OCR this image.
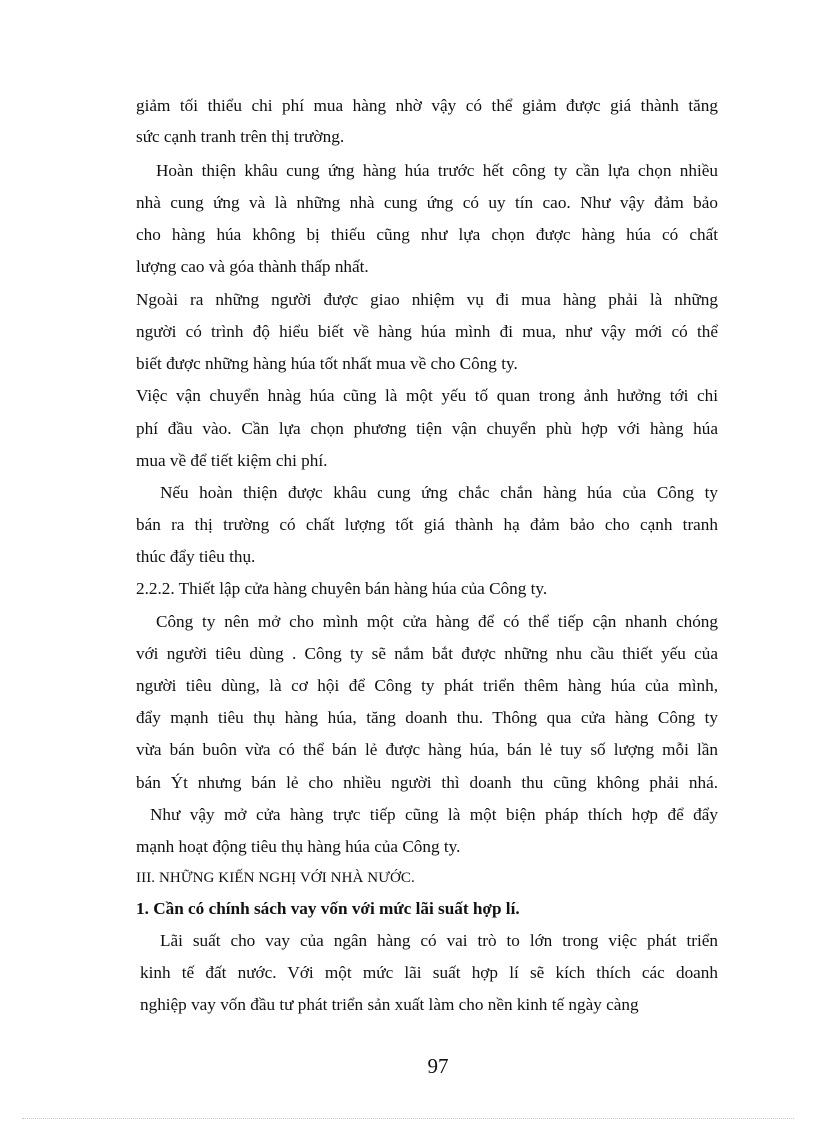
giảm tối thiểu chi phí mua hàng nhờ vậy có thể giảm được giá thành tăng
sức cạnh tranh trên thị trường.
Hoàn thiện khâu cung ứng hàng húa trước hết công ty cần lựa chọn nhiều
nhà cung ứng và là những nhà cung ứng có uy tín cao. Như vậy đảm bảo
cho hàng húa không bị thiếu cũng như lựa chọn được hàng húa có chất
lượng cao và góa thành thấp nhất.
Ngoài ra những người được giao nhiệm vụ đi mua hàng phải là những
người có trình độ hiểu biết về hàng húa mình đi mua, như vậy mới có thể
biết được những hàng húa tốt nhất mua về cho Công ty.
Việc vận chuyển hnàg húa cũng là một yếu tố quan trong ảnh hưởng tới chi
phí đầu vào. Cần lựa chọn phương tiện vận chuyển phù hợp với hàng húa
mua về để tiết kiệm chi phí.
Nếu hoàn thiện được khâu cung ứng chắc chắn hàng húa của Công ty
bán ra thị trường có chất lượng tốt giá thành hạ đảm bảo cho cạnh tranh
thúc đẩy tiêu thụ.
2.2.2. Thiết lập cửa hàng chuyên bán hàng húa của Công ty.
Công ty nên mở cho mình một cửa hàng để có thể tiếp cận nhanh chóng
với người tiêu dùng . Công ty sẽ nắm bắt được những nhu cầu thiết yếu của
người tiêu dùng, là cơ hội để Công ty phát triển thêm hàng húa của mình,
đẩy mạnh tiêu thụ hàng húa, tăng doanh thu. Thông qua cửa hàng Công ty
vừa bán buôn vừa có thể bán lẻ được hàng húa, bán lẻ tuy số lượng mỗi lần
bán Ýt nhưng bán lẻ cho nhiều người thì doanh thu cũng không phải nhá.
Như vậy mở cửa hàng trực tiếp cũng là một biện pháp thích hợp để đẩy
mạnh hoạt động tiêu thụ hàng húa của Công ty.
III. NHỮNG KIẾN NGHỊ VỚI NHÀ NƯỚC.
1. Cần có chính sách vay vốn với mức lãi suất hợp lí.
Lãi suất cho vay của ngân hàng có vai trò to lớn trong việc phát triển
kinh tế đất nước. Với một mức lãi suất hợp lí sẽ kích thích các doanh
nghiệp vay vốn đầu tư phát triển sản xuất làm cho nền kinh tế ngày càng
97
